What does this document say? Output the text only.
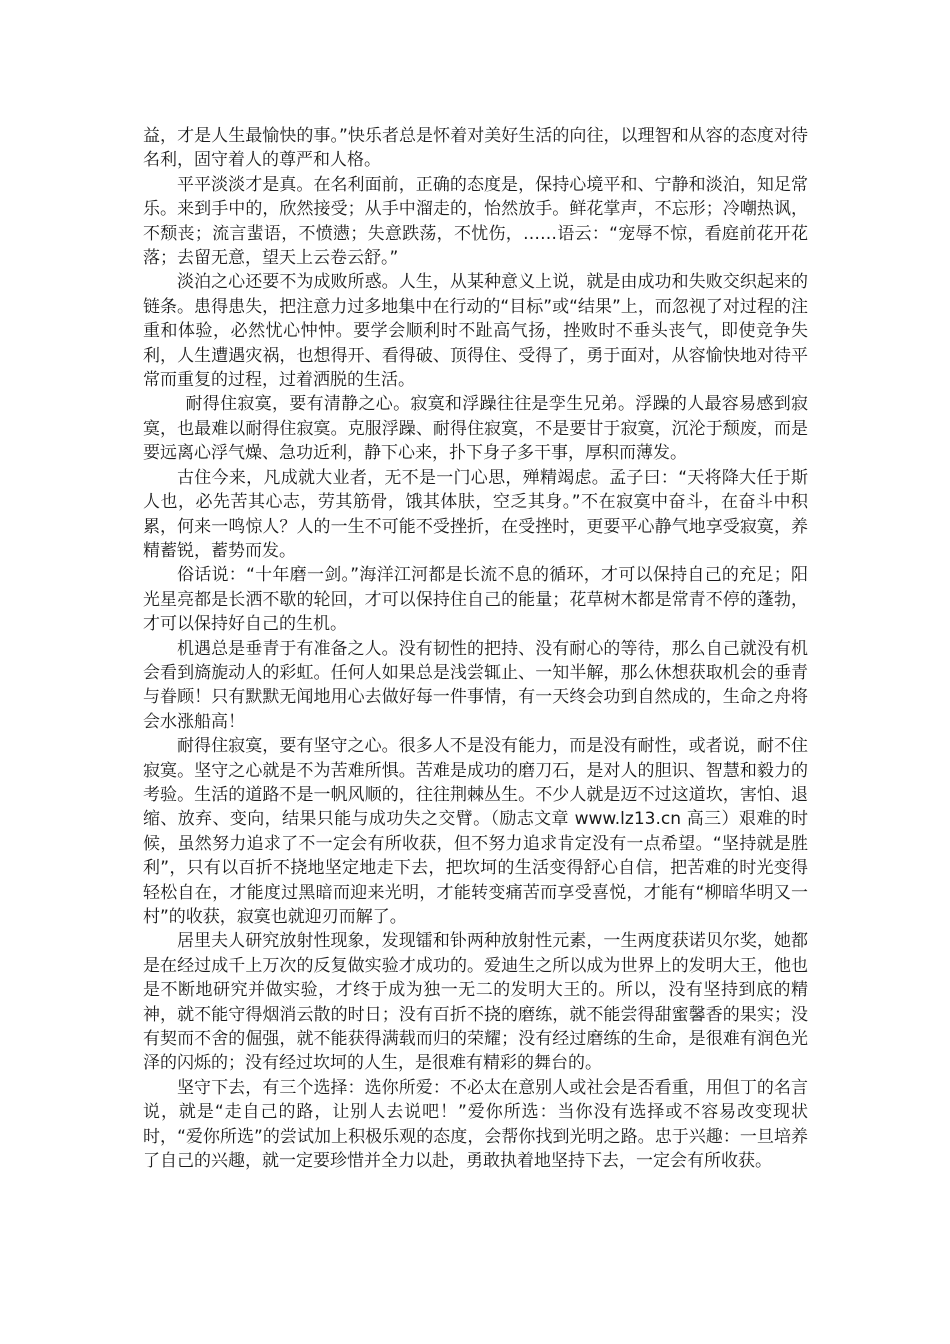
益，才是人生最愉快的事。”快乐者总是怀着对美好生活的向往，以理智和从容的态度对待名利，固守着人的尊严和人格。

平平淡淡才是真。在名利面前，正确的态度是，保持心境平和、宁静和淡泊，知足常乐。来到手中的，欣然接受；从手中溜走的，怡然放手。鲜花掌声，不忘形；冷嘲热讽，不颓丧；流言蜚语，不愤懑；失意跌荡，不忧伤，……语云：“宠辱不惊，看庭前花开花落；去留无意，望天上云卷云舒。”

淡泊之心还要不为成败所惑。人生，从某种意义上说，就是由成功和失败交织起来的链条。患得患失，把注意力过多地集中在行动的“目标”或“结果”上，而忽视了对过程的注重和体验，必然忧心忡忡。要学会顺利时不趾高气扬，挫败时不垂头丧气，即使竞争失利，人生遭遇灾祸，也想得开、看得破、顶得住、受得了，勇于面对，从容愉快地对待平常而重复的过程，过着洒脱的生活。

耐得住寂寞，要有清静之心。寂寞和浮躁往往是孪生兄弟。浮躁的人最容易感到寂寞，也最难以耐得住寂寞。克服浮躁、耐得住寂寞，不是要甘于寂寞，沉沦于颓废，而是要远离心浮气燥、急功近利，静下心来，扑下身子多干事，厚积而薄发。

古住今来，凡成就大业者，无不是一门心思，殚精竭虑。孟子曰：“天将降大任于斯人也，必先苦其心志，劳其筋骨，饿其体肤，空乏其身。”不在寂寞中奋斗，在奋斗中积累，何来一鸣惊人？人的一生不可能不受挫折，在受挫时，更要平心静气地享受寂寞，养精蓄锐，蓄势而发。

俗话说：“十年磨一剑。”海洋江河都是长流不息的循环，才可以保持自己的充足；阳光星亮都是长洒不歇的轮回，才可以保持住自己的能量；花草树木都是常青不停的蓬勃，才可以保持好自己的生机。

机遇总是垂青于有准备之人。没有韧性的把持、没有耐心的等待，那么自己就没有机会看到旖旎动人的彩虹。任何人如果总是浅尝辄止、一知半解，那么休想获取机会的垂青与眷顾！只有默默无闻地用心去做好每一件事情，有一天终会功到自然成的，生命之舟将会水涨船高！

耐得住寂寞，要有坚守之心。很多人不是没有能力，而是没有耐性，或者说，耐不住寂寞。坚守之心就是不为苦难所惧。苦难是成功的磨刀石，是对人的胆识、智慧和毅力的考验。生活的道路不是一帆风顺的，往往荆棘丛生。不少人就是迈不过这道坎，害怕、退缩、放弃、变向，结果只能与成功失之交臂。（励志文章 www.lz13.cn 高三）艰难的时候，虽然努力追求了不一定会有所收获，但不努力追求肯定没有一点希望。“坚持就是胜利”，只有以百折不挠地坚定地走下去，把坎坷的生活变得舒心自信，把苦难的时光变得轻松自在，才能度过黑暗而迎来光明，才能转变痛苦而享受喜悦，才能有“柳暗华明又一村”的收获，寂寞也就迎刃而解了。

居里夫人研究放射性现象，发现镭和钋两种放射性元素，一生两度获诺贝尔奖，她都是在经过成千上万次的反复做实验才成功的。爱迪生之所以成为世界上的发明大王，他也是不断地研究并做实验，才终于成为独一无二的发明大王的。所以，没有坚持到底的精神，就不能守得烟消云散的时日；没有百折不挠的磨练，就不能尝得甜蜜馨香的果实；没有契而不舍的倔强，就不能获得满载而归的荣耀；没有经过磨练的生命，是很难有润色光泽的闪烁的；没有经过坎坷的人生，是很难有精彩的舞台的。

坚守下去，有三个选择：选你所爱：不必太在意别人或社会是否看重，用但丁的名言说，就是“走自己的路，让别人去说吧！”爱你所选：当你没有选择或不容易改变现状时，“爱你所选”的尝试加上积极乐观的态度，会帮你找到光明之路。忠于兴趣：一旦培养了自己的兴趣，就一定要珍惜并全力以赴，勇敢执着地坚持下去，一定会有所收获。
